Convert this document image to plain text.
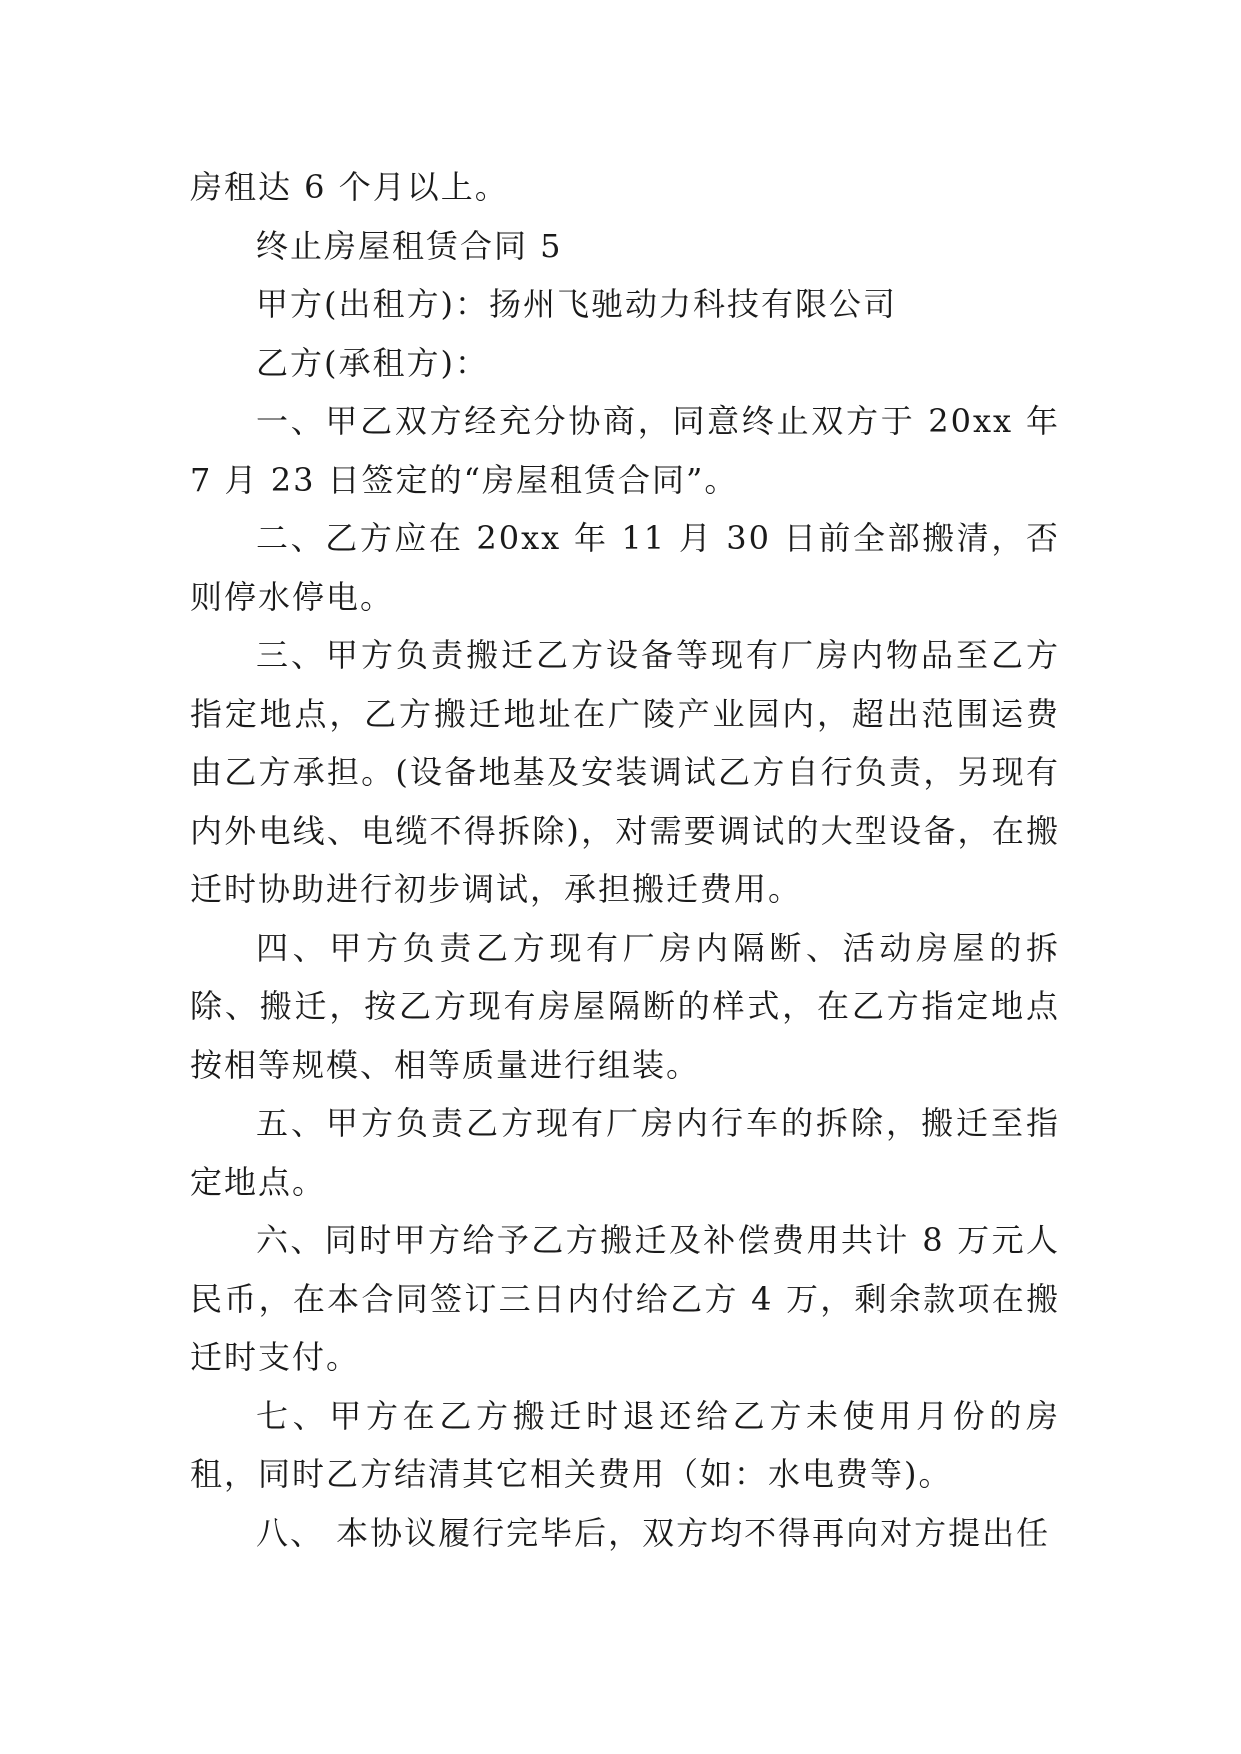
房租达 6 个月以上。

终止房屋租赁合同 5

甲方(出租方)：扬州飞驰动力科技有限公司

乙方(承租方)：

一、甲乙双方经充分协商，同意终止双方于 20xx 年 7 月 23 日签定的“房屋租赁合同”。

二、乙方应在 20xx 年 11 月 30 日前全部搬清，否则停水停电。

三、甲方负责搬迁乙方设备等现有厂房内物品至乙方指定地点，乙方搬迁地址在广陵产业园内，超出范围运费由乙方承担。(设备地基及安装调试乙方自行负责，另现有内外电线、电缆不得拆除)，对需要调试的大型设备，在搬迁时协助进行初步调试，承担搬迁费用。

四、甲方负责乙方现有厂房内隔断、活动房屋的拆除、搬迁，按乙方现有房屋隔断的样式，在乙方指定地点按相等规模、相等质量进行组装。

五、甲方负责乙方现有厂房内行车的拆除，搬迁至指定地点。

六、同时甲方给予乙方搬迁及补偿费用共计 8 万元人民币，在本合同签订三日内付给乙方 4 万，剩余款项在搬迁时支付。

七、甲方在乙方搬迁时退还给乙方未使用月份的房租，同时乙方结清其它相关费用（如：水电费等)。

八、 本协议履行完毕后，双方均不得再向对方提出任
